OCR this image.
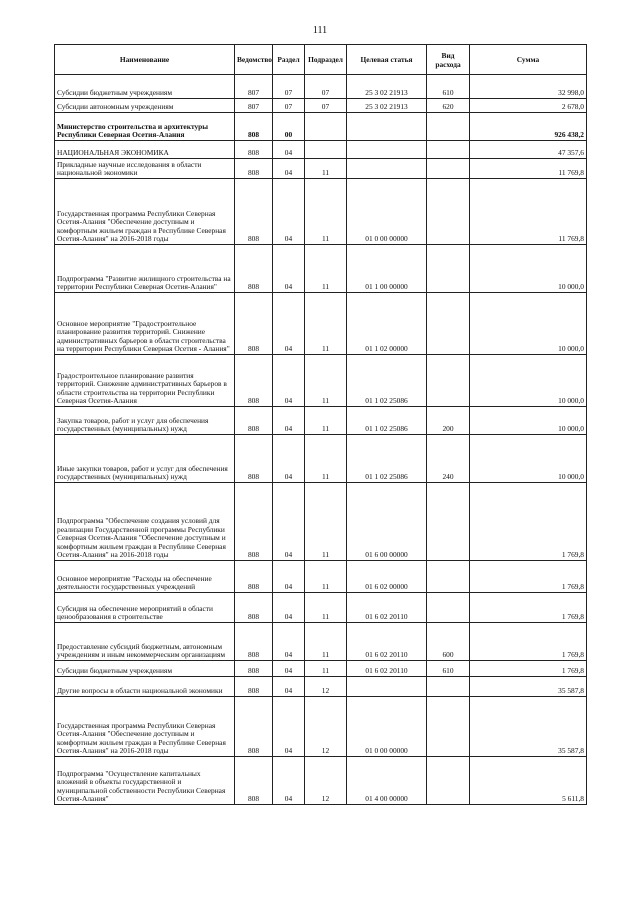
111
Наименование	Ведомство	Раздел	Подраздел	Целевая статья	Вид расхода	Сумма
Субсидии бюджетным учреждениям	807	07	07	25 3 02 21913	610	32 998,0
Субсидии автономным учреждениям	807	07	07	25 3 02 21913	620	2 678,0
Министерство строительства и архитектуры Республики Северная Осетия-Алания	808	00				926 438,2
НАЦИОНАЛЬНАЯ ЭКОНОМИКА	808	04				47 357,6
Прикладные научные исследования в области национальной экономики	808	04	11			11 769,8
Государственная программа Республики Северная Осетия-Алания "Обеспечение доступным и комфортным жильем граждан в Республике Северная Осетия-Алания" на 2016-2018 годы	808	04	11	01 0 00 00000		11 769,8
Подпрограмма "Развитие жилищного строительства на территории Республики Северная Осетия-Алания"	808	04	11	01 1 00 00000		10 000,0
Основное мероприятие "Градостроительное планирование развития территорий. Снижение административных барьеров в области строительства на территории Республики Северная Осетия - Алания"	808	04	11	01 1 02 00000		10 000,0
Градостроительное планирование развития территорий. Снижение административных барьеров в области строительства на территории Республики Северная Осетия-Алания	808	04	11	01 1 02 25086		10 000,0
Закупка товаров, работ и услуг для обеспечения государственных (муниципальных) нужд	808	04	11	01 1 02 25086	200	10 000,0
Иные закупки товаров, работ и услуг для обеспечения государственных (муниципальных) нужд	808	04	11	01 1 02 25086	240	10 000,0
Подпрограмма "Обеспечение создания условий для реализации Государственной программы Республики Северная Осетия-Алания "Обеспечение доступным и комфортным жильем граждан в Республике Северная Осетия-Алания" на 2016-2018 годы	808	04	11	01 6 00 00000		1 769,8
Основное мероприятие "Расходы на обеспечение деятельности государственных учреждений	808	04	11	01 6 02 00000		1 769,8
Субсидия на обеспечение мероприятий в области ценообразования в строительстве	808	04	11	01 6 02 20110		1 769,8
Предоставление субсидий бюджетным, автономным учреждениям и иным некоммерческим организациям	808	04	11	01 6 02 20110	600	1 769,8
Субсидии бюджетным учреждениям	808	04	11	01 6 02 20110	610	1 769,8
Другие вопросы в области национальной экономики	808	04	12			35 587,8
Государственная программа Республики Северная Осетия-Алания "Обеспечение доступным и комфортным жильем граждан в Республике Северная Осетия-Алания" на 2016-2018 годы	808	04	12	01 0 00 00000		35 587,8
Подпрограмма "Осуществление капитальных вложений в объекты государственной и муниципальной собственности Республики Северная Осетия-Алания"	808	04	12	01 4 00 00000		5 611,8
